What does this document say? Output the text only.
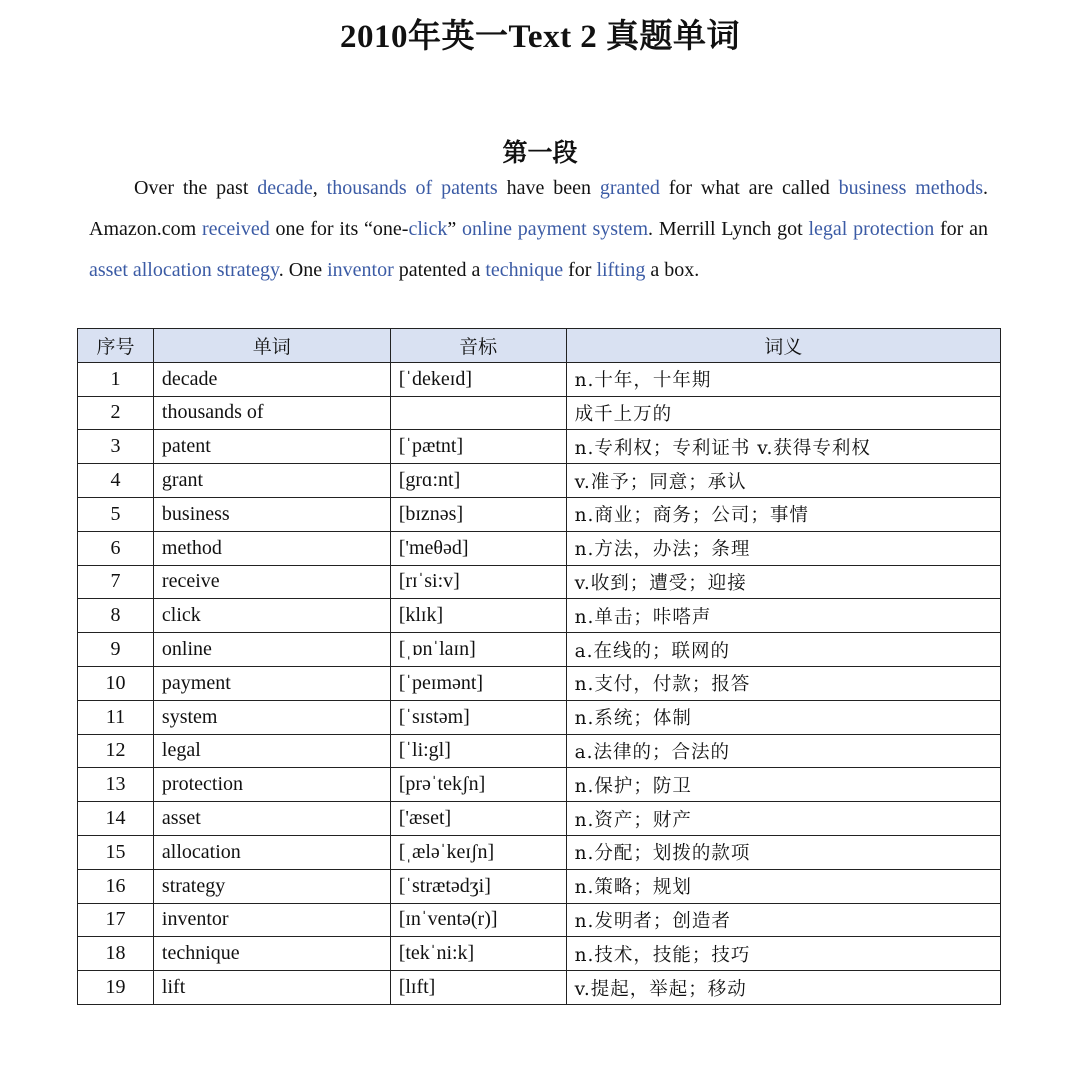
2010年英一Text 2 真题单词
第一段

Over the past decade, thousands of patents have been granted for what are called business methods. Amazon.com received one for its “one-click” online payment system. Merrill Lynch got legal protection for an asset allocation strategy. One inventor patented a technique for lifting a box.

序号	单词	音标	词义
1	decade	[ˈdekeɪd]	n.十年，十年期
2	thousands of		成千上万的
3	patent	[ˈpætnt]	n.专利权；专利证书 v.获得专利权
4	grant	[grɑ:nt]	v.准予；同意；承认
5	business	[bɪznəs]	n.商业；商务；公司；事情
6	method	['meθəd]	n.方法，办法；条理
7	receive	[rɪˈsi:v]	v.收到；遭受；迎接
8	click	[klɪk]	n.单击；咔嗒声
9	online	[ˌɒnˈlaɪn]	a.在线的；联网的
10	payment	[ˈpeɪmənt]	n.支付，付款；报答
11	system	[ˈsɪstəm]	n.系统；体制
12	legal	[ˈli:gl]	a.法律的；合法的
13	protection	[prəˈtekʃn]	n.保护；防卫
14	asset	['æset]	n.资产；财产
15	allocation	[ˌæləˈkeɪʃn]	n.分配；划拨的款项
16	strategy	[ˈstrætədʒi]	n.策略；规划
17	inventor	[ɪnˈventə(r)]	n.发明者；创造者
18	technique	[tekˈni:k]	n.技术，技能；技巧
19	lift	[lɪft]	v.提起，举起；移动
